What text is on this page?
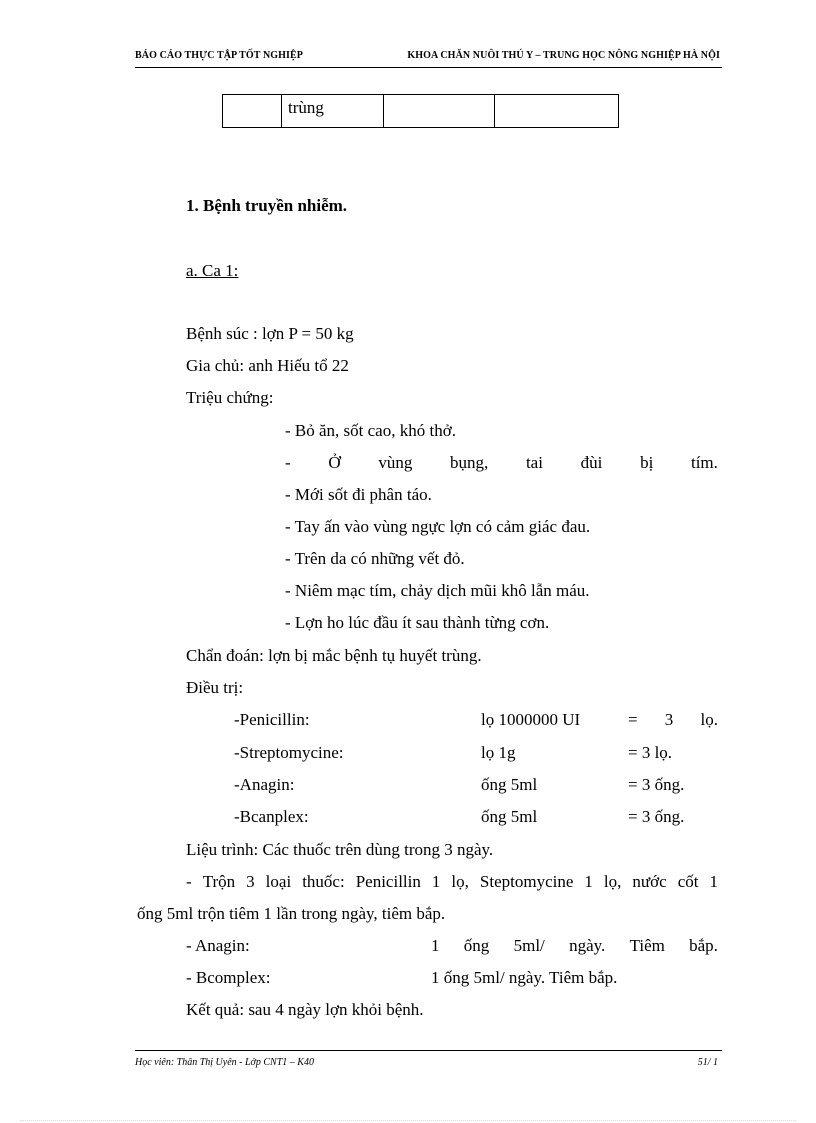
BÁO CÁO THỰC TẬP TỐT NGHIỆP	KHOA CHĂN NUÔI THÚ Y – TRUNG HỌC NÔNG NGHIỆP HÀ NỘI
	trùng		
1. Bệnh truyền nhiễm.
a. Ca 1:
Bệnh súc : lợn P = 50 kg
Gia chủ: anh Hiếu tổ 22
Triệu chứng:
- Bỏ ăn, sốt cao, khó thở.
- Ở vùng bụng, tai đùi bị tím.
- Mới sốt đi phân táo.
- Tay ấn vào vùng ngực lợn có cảm giác đau.
- Trên da có những vết đỏ.
- Niêm mạc tím, chảy dịch mũi khô lẫn máu.
- Lợn ho lúc đầu ít sau thành từng cơn.
Chẩn đoán: lợn bị mắc bệnh tụ huyết trùng.
Điều trị:
-Penicillin:	lọ 1000000 UI	= 3 lọ.
-Streptomycine:	lọ 1g	= 3 lọ.
-Anagin:	ống 5ml	= 3 ống.
-Bcanplex:	ống 5ml	= 3 ống.
Liệu trình: Các thuốc trên dùng trong 3 ngày.
- Trộn 3 loại thuốc: Penicillin 1 lọ, Steptomycine 1 lọ, nước cốt 1
ống 5ml trộn tiêm 1 lần trong ngày, tiêm bắp.
- Anagin:	1 ống 5ml/ ngày. Tiêm bắp.
- Bcomplex:	1 ống 5ml/ ngày. Tiêm bắp.
Kết quả: sau 4 ngày lợn khỏi bệnh.
Học viên: Thân Thị Uyên - Lớp CNT1 – K40	51/ 1
